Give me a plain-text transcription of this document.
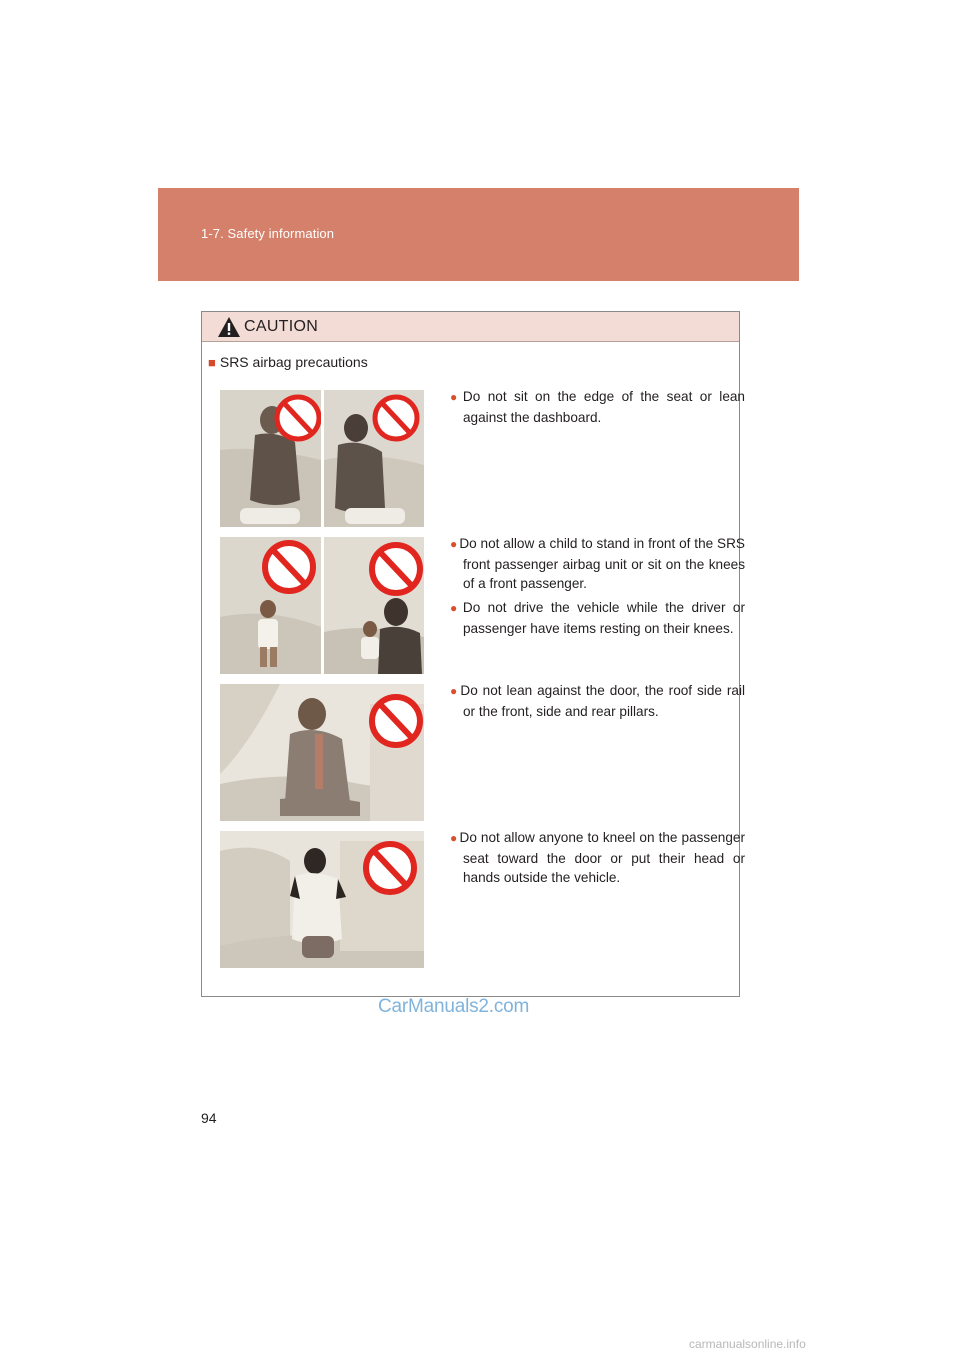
1-7. Safety information
CAUTION
■ SRS airbag precautions
● Do not sit on the edge of the seat or lean against the dashboard.
● Do not allow a child to stand in front of the SRS front passenger airbag unit or sit on the knees of a front passenger.
● Do not drive the vehicle while the driver or passenger have items resting on their knees.
● Do not lean against the door, the roof side rail or the front, side and rear pillars.
● Do not allow anyone to kneel on the passenger seat toward the door or put their head or hands outside the vehicle.
CarManuals2.com
94
carmanualsonline.info
